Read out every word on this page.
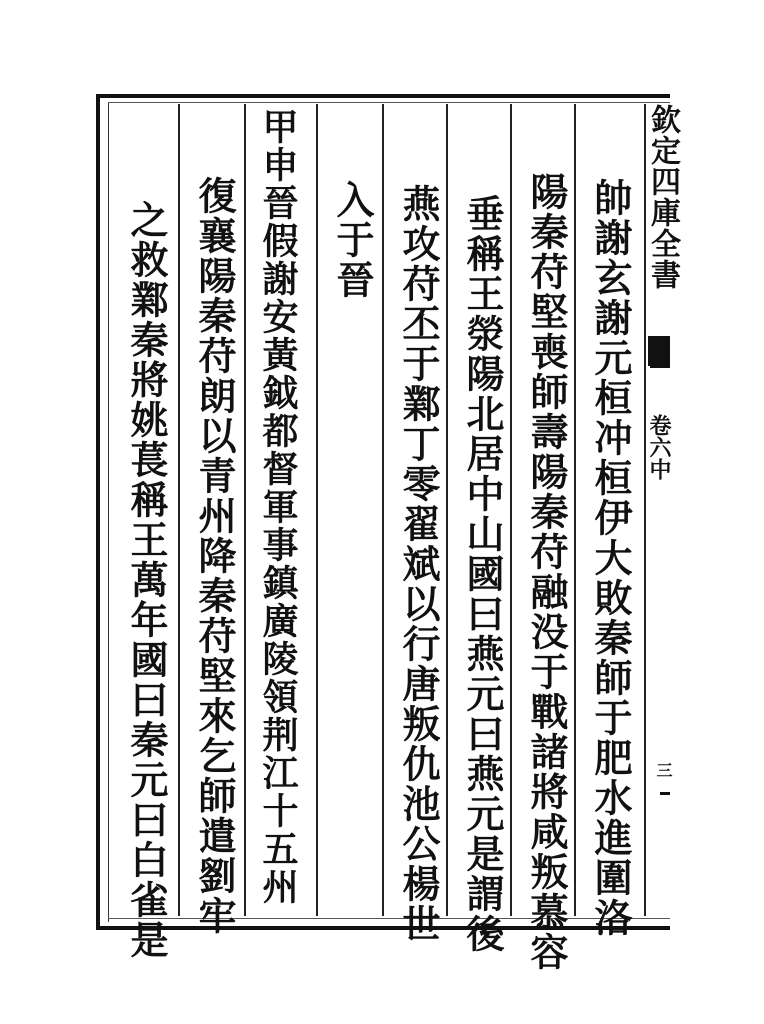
帥謝玄謝元桓冲桓伊大敗秦師于肥水進圍洛
陽秦苻堅喪師壽陽秦苻融没于戰諸將咸叛慕容
垂稱王滎陽北居中山國曰燕元曰燕元是謂後
燕攻苻丕于鄴丁零翟斌以行唐叛仇池公楊世
入于晉
甲申晉假謝安黃鉞都督軍事鎮廣陵領荆江十五州
復襄陽秦苻朗以青州降秦苻堅來乞師遣劉牢
之救鄴秦將姚萇稱王萬年國曰秦元曰白雀是
欽定四庫全書
卷六中
三
